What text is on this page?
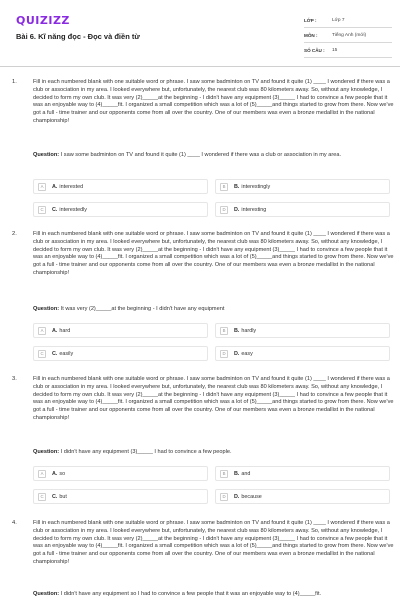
QUIZIZZ
Bài 6. Kĩ năng đọc - Đọc và điền từ
LỚP :	Lớp 7
MÔN :	Tiếng Anh (mới)
SỐ CÂU :	15
1.	Fill in each numbered blank with one suitable word or phrase. I saw some badminton on TV and found it quite (1) ____ I wondered if there was a club or association in my area. I looked everywhere but, unfortunately, the nearest club was 80 kilometers away. So, without any knowledge, I decided to form my own club. It was very (2)_____at the beginning - I didn't have any equipment (3)_____ I had to convince a few people that it was an enjoyable way to (4)_____fit. I organized a small competition which was a lot of (5)_____and things started to grow from there. Now we've got a full - time trainer and our opponents come from all over the country. One of our members was even a bronze medallist in the national championship!
Question: I saw some badminton on TV and found it quite (1) ____ I wondered if there was a club or association in my area.
A	A. interested	B	B. interestingly
C	C. interestedly	D	D. interesting
2.	Fill in each numbered blank with one suitable word or phrase. I saw some badminton on TV and found it quite (1) ____ I wondered if there was a club or association in my area. I looked everywhere but, unfortunately, the nearest club was 80 kilometers away. So, without any knowledge, I decided to form my own club. It was very (2)_____at the beginning - I didn't have any equipment (3)_____ I had to convince a few people that it was an enjoyable way to (4)_____fit. I organized a small competition which was a lot of (5)_____and things started to grow from there. Now we've got a full - time trainer and our opponents come from all over the country. One of our members was even a bronze medallist in the national championship!
Question: It was very (2)_____at the beginning - I didn't have any equipment
A	A. hard	B	B. hardly
C	C. easily	D	D. easy
3.	Fill in each numbered blank with one suitable word or phrase. I saw some badminton on TV and found it quite (1) ____ I wondered if there was a club or association in my area. I looked everywhere but, unfortunately, the nearest club was 80 kilometers away. So, without any knowledge, I decided to form my own club. It was very (2)_____at the beginning - I didn't have any equipment (3)_____ I had to convince a few people that it was an enjoyable way to (4)_____fit. I organized a small competition which was a lot of (5)_____and things started to grow from there. Now we've got a full - time trainer and our opponents come from all over the country. One of our members was even a bronze medallist in the national championship!
Question: I didn't have any equipment (3)_____ I had to convince a few people.
A	A. so	B	B. and
C	C. but	D	D. because
4.	Fill in each numbered blank with one suitable word or phrase. I saw some badminton on TV and found it quite (1) ____ I wondered if there was a club or association in my area. I looked everywhere but, unfortunately, the nearest club was 80 kilometers away. So, without any knowledge, I decided to form my own club. It was very (2)_____at the beginning - I didn't have any equipment (3)_____ I had to convince a few people that it was an enjoyable way to (4)_____fit. I organized a small competition which was a lot of (5)_____and things started to grow from there. Now we've got a full - time trainer and our opponents come from all over the country. One of our members was even a bronze medallist in the national championship!
Question: I didn't have any equipment so I had to convince a few people that it was an enjoyable way to (4)_____fit.
